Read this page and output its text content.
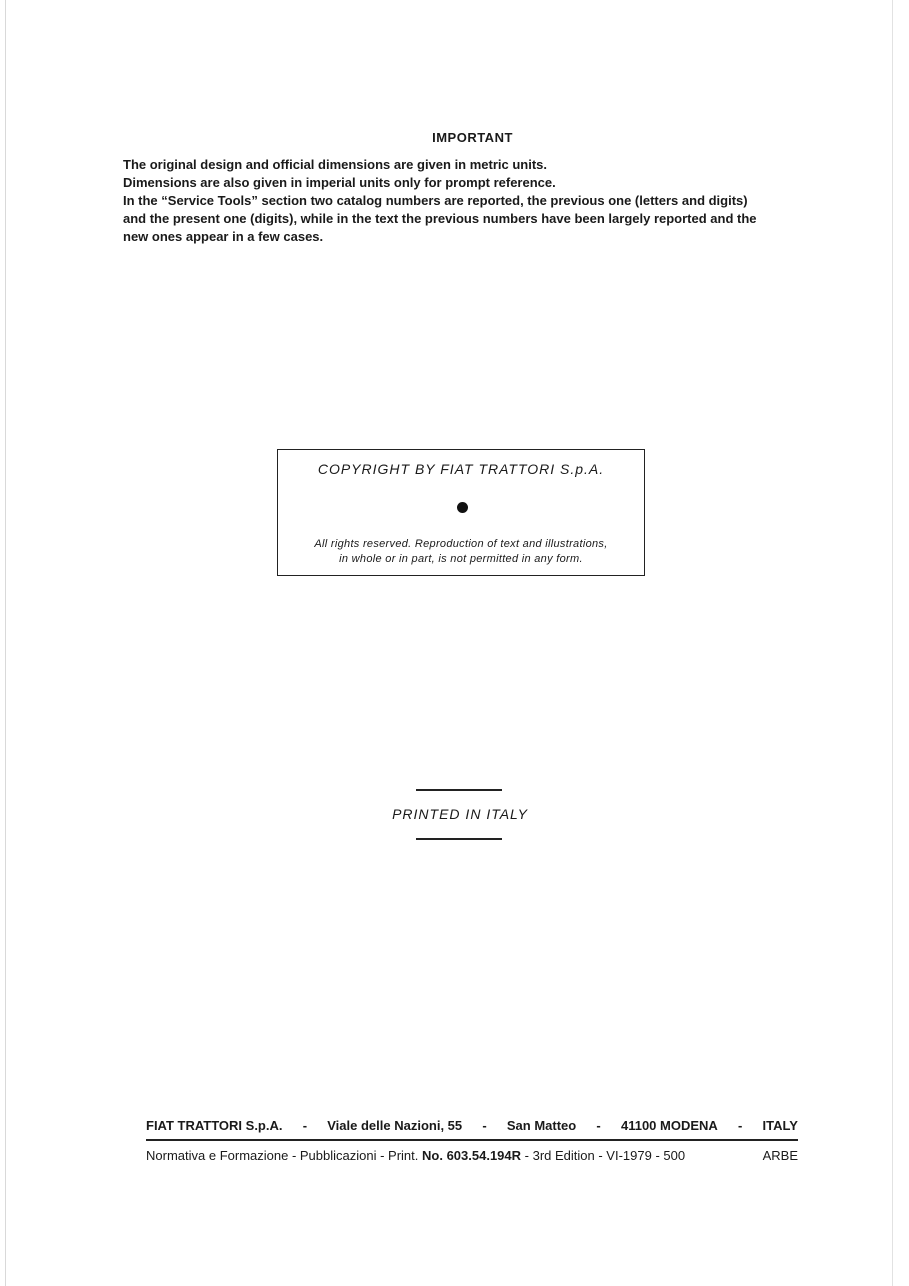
IMPORTANT
The original design and official dimensions are given in metric units.
Dimensions are also given in imperial units only for prompt reference.
In the “Service Tools” section two catalog numbers are reported, the previous one (letters and digits)
and the present one (digits), while in the text the previous numbers have been largely reported and the
new ones appear in a few cases.
COPYRIGHT BY FIAT TRATTORI S.p.A.
All rights reserved. Reproduction of text and illustrations,
in whole or in part, is not permitted in any form.
PRINTED IN ITALY
FIAT TRATTORI S.p.A. - Viale delle Nazioni, 55 - San Matteo - 41100 MODENA - ITALY
Normativa e Formazione - Pubblicazioni - Print. No. 603.54.194R - 3rd Edition - VI-1979 - 500	ARBE
